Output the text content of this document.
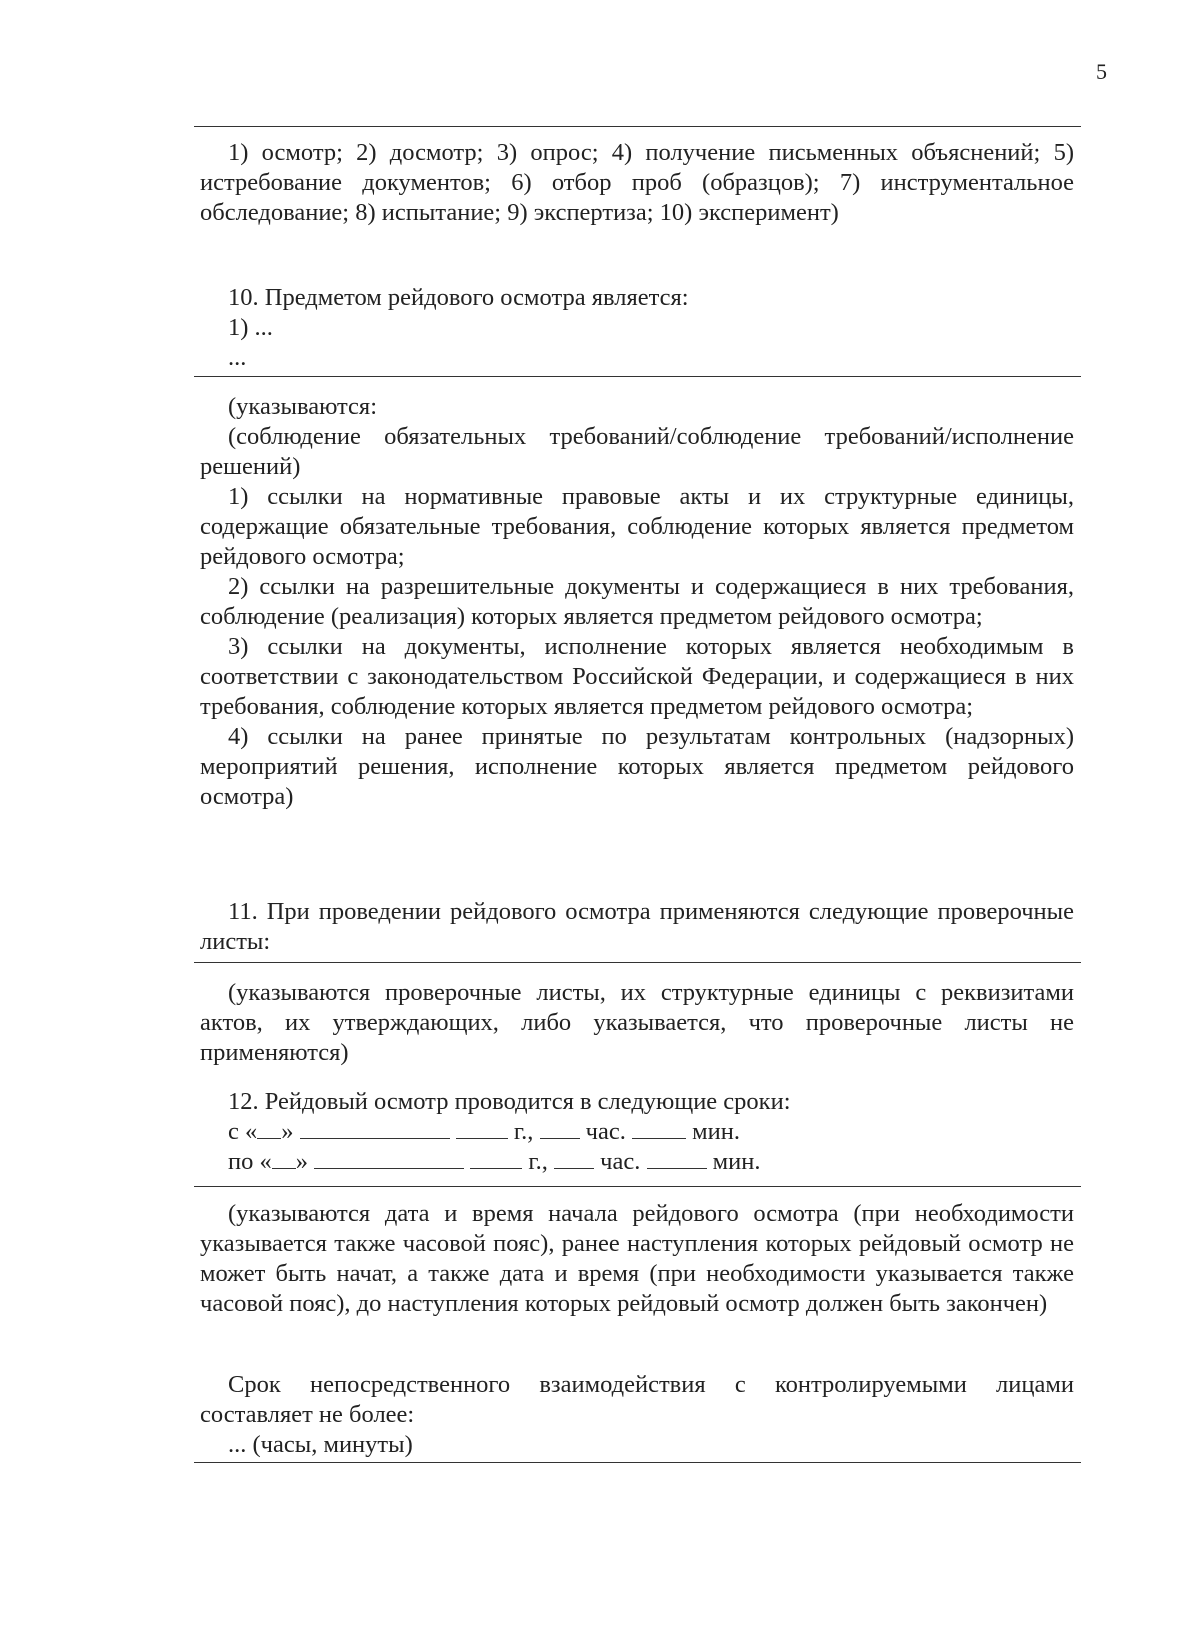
5

1) осмотр; 2) досмотр; 3) опрос; 4) получение письменных объяснений; 5) истребование документов; 6) отбор проб (образцов); 7) инструментальное обследование; 8) испытание; 9) экспертиза; 10) эксперимент)

10. Предметом рейдового осмотра является:
1) ...
...
(указываются:

(соблюдение обязательных требований/соблюдение требований/исполнение решений)

1) ссылки на нормативные правовые акты и их структурные единицы, содержащие обязательные требования, соблюдение которых является предметом рейдового осмотра;

2) ссылки на разрешительные документы и содержащиеся в них требования, соблюдение (реализация) которых является предметом рейдового осмотра;

3) ссылки на документы, исполнение которых является необходимым в соответствии с законодательством Российской Федерации, и содержащиеся в них требования, соблюдение которых является предметом рейдового осмотра;

4) ссылки на ранее принятые по результатам контрольных (надзорных) мероприятий решения, исполнение которых является предметом рейдового осмотра)

11. При проведении рейдового осмотра применяются следующие проверочные листы:

(указываются проверочные листы, их структурные единицы с реквизитами актов, их утверждающих, либо указывается, что проверочные листы не применяются)

12. Рейдовый осмотр проводится в следующие сроки:
с « »	г., час.	мин.
по « »	г., час.	мин.

(указываются дата и время начала рейдового осмотра (при необходимости указывается также часовой пояс), ранее наступления которых рейдовый осмотр не может быть начат, а также дата и время (при необходимости указывается также часовой пояс), до наступления которых рейдовый осмотр должен быть закончен)

Срок непосредственного взаимодействия с контролируемыми лицами составляет не более:

... (часы, минуты)
